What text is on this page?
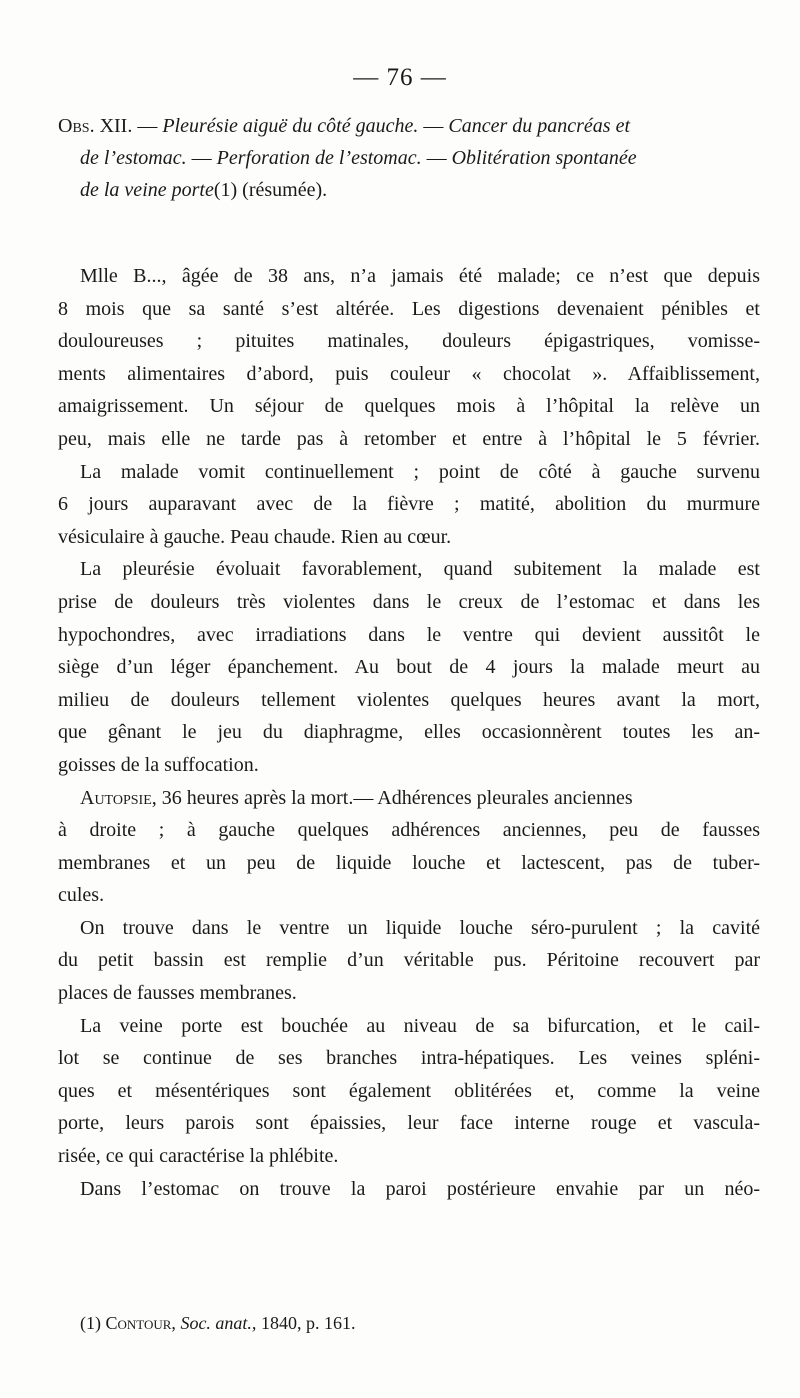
— 76 —
Obs. XII. — Pleurésie aiguë du côté gauche. — Cancer du pancréas et
de l’estomac. — Perforation de l’estomac. — Oblitération spontanée
de la veine porte(1) (résumée).
Mlle B..., âgée de 38 ans, n’a jamais été malade; ce n’est que depuis
8 mois que sa santé s’est altérée. Les digestions devenaient pénibles et
douloureuses ; pituites matinales, douleurs épigastriques, vomisse-
ments alimentaires d’abord, puis couleur « chocolat ». Affaiblissement,
amaigrissement. Un séjour de quelques mois à l’hôpital la relève un
peu, mais elle ne tarde pas à retomber et entre à l’hôpital le 5 février.
La malade vomit continuellement ; point de côté à gauche survenu
6 jours auparavant avec de la fièvre ; matité, abolition du murmure
vésiculaire à gauche. Peau chaude. Rien au cœur.
La pleurésie évoluait favorablement, quand subitement la malade est
prise de douleurs très violentes dans le creux de l’estomac et dans les
hypochondres, avec irradiations dans le ventre qui devient aussitôt le
siège d’un léger épanchement. Au bout de 4 jours la malade meurt au
milieu de douleurs tellement violentes quelques heures avant la mort,
que gênant le jeu du diaphragme, elles occasionnèrent toutes les an-
goisses de la suffocation.
Autopsie, 36 heures après la mort.— Adhérences pleurales anciennes
à droite ; à gauche quelques adhérences anciennes, peu de fausses
membranes et un peu de liquide louche et lactescent, pas de tuber-
cules.
On trouve dans le ventre un liquide louche séro-purulent ; la cavité
du petit bassin est remplie d’un véritable pus. Péritoine recouvert par
places de fausses membranes.
La veine porte est bouchée au niveau de sa bifurcation, et le cail-
lot se continue de ses branches intra-hépatiques. Les veines spléni-
ques et mésentériques sont également oblitérées et, comme la veine
porte, leurs parois sont épaissies, leur face interne rouge et vascula-
risée, ce qui caractérise la phlébite.
Dans l’estomac on trouve la paroi postérieure envahie par un néo-
(1) Contour, Soc. anat., 1840, p. 161.
